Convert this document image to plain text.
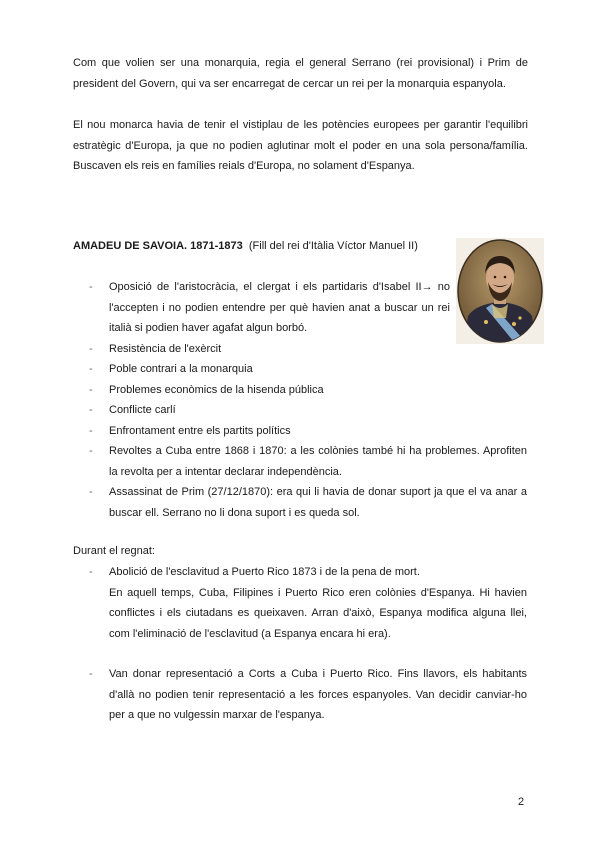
Com que volien ser una monarquia, regia el general Serrano (rei provisional) i Prim de president del Govern, qui va ser encarregat de cercar un rei per la monarquia espanyola.

El nou monarca havia de tenir el vistiplau de les potències europees per garantir l'equilibri estratègic d'Europa, ja que no podien aglutinar molt el poder en una sola persona/família. Buscaven els reis en famílies reials d'Europa, no solament d'Espanya.

AMADEU DE SAVOIA. 1871-1873 (Fill del rei d'Itàlia Víctor Manuel II)
- Oposició de l'aristocràcia, el clergat i els partidaris d'Isabel II→ no l'accepten i no podien entendre per què havien anat a buscar un rei italià si podien haver agafat algun borbó.
- Resistència de l'exèrcit
- Poble contrari a la monarquia
- Problemes econòmics de la hisenda pública
- Conflicte carlí
- Enfrontament entre els partits polítics
- Revoltes a Cuba entre 1868 i 1870: a les colònies també hi ha problemes. Aprofiten la revolta per a intentar declarar independència.
- Assassinat de Prim (27/12/1870): era qui li havia de donar suport ja que el va anar a buscar ell. Serrano no li dona suport i es queda sol.
Durant el regnat:
- Abolició de l'esclavitud a Puerto Rico 1873 i de la pena de mort.
En aquell temps, Cuba, Filipines i Puerto Rico eren colònies d'Espanya. Hi havien conflictes i els ciutadans es queixaven. Arran d'això, Espanya modifica alguna llei, com l'eliminació de l'esclavitud (a Espanya encara hi era).
- Van donar representació a Corts a Cuba i Puerto Rico. Fins llavors, els habitants d'allà no podien tenir representació a les forces espanyoles. Van decidir canviar-ho per a que no vulgessin marxar de l'espanya.
2
